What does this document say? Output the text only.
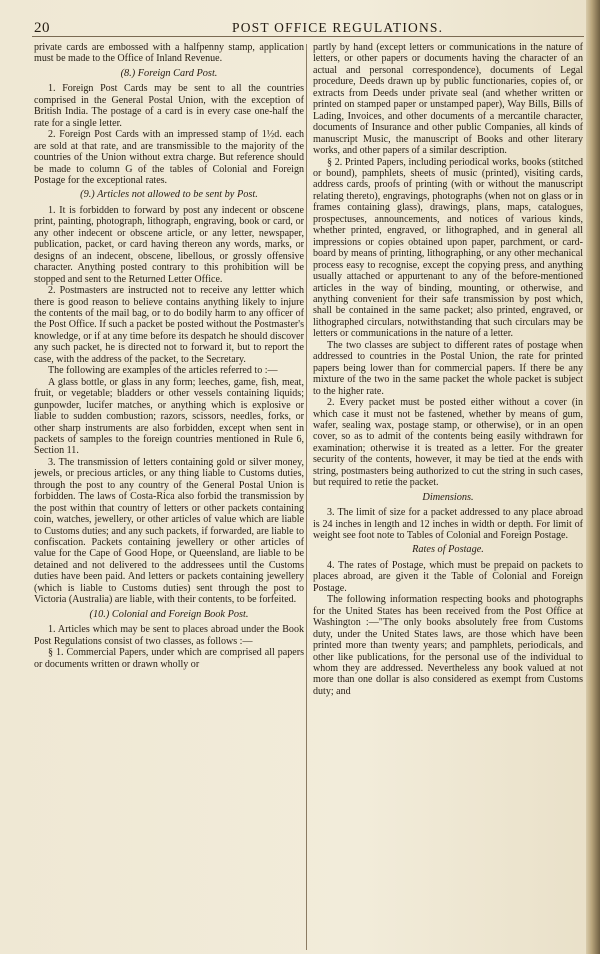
20	POST OFFICE REGULATIONS.

private cards are embossed with a halfpenny stamp, application must be made to the Office of Inland Revenue.

(8.) Foreign Card Post.

1. Foreign Post Cards may be sent to all the countries comprised in the General Postal Union, with the exception of British India. The postage of a card is in every case one-half the rate for a single letter.

2. Foreign Post Cards with an impressed stamp of 1½d. each are sold at that rate, and are transmissible to the majority of the countries of the Union without extra charge. But reference should be made to column G of the tables of Colonial and Foreign Postage for the exceptional rates.

(9.) Articles not allowed to be sent by Post.

1. It is forbidden to forward by post any indecent or obscene print, painting, photograph, lithograph, engraving, book or card, or any other indecent or obscene article, or any letter, newspaper, publication, packet, or card having thereon any words, marks, or designs of an indecent, obscene, libellous, or grossly offensive character. Anything posted contrary to this prohibition will be stopped and sent to the Returned Letter Office.

2. Postmasters are instructed not to receive any lettter which there is good reason to believe contains anything likely to injure the contents of the mail bag, or to do bodily harm to any officer of the Post Office. If such a packet be posted without the Postmaster's knowledge, or if at any time before its despatch he should discover any such packet, he is directed not to forward it, but to report the case, with the address of the packet, to the Secretary.

The following are examples of the articles referred to :—

A glass bottle, or glass in any form; leeches, game, fish, meat, fruit, or vegetable; bladders or other vessels containing liquids; gunpowder, lucifer matches, or anything which is explosive or liable to sudden combustion; razors, scissors, needles, forks, or other sharp instruments are also forbidden, except when sent in packets of samples to the foreign countries mentioned in Rule 6, Section 11.

3. The transmission of letters containing gold or silver money, jewels, or precious articles, or any thing liable to Customs duties, through the post to any country of the General Postal Union is forbidden. The laws of Costa-Rica also forbid the transmission by the post within that country of letters or other packets containing coin, watches, jewellery, or other articles of value which are liable to Customs duties; and any such packets, if forwarded, are liable to confiscation. Packets containing jewellery or other articles of value for the Cape of Good Hope, or Queensland, are liable to be detained and not delivered to the addressees until the Customs duties have been paid. And letters or packets containing jewellery (which is liable to Customs duties) sent through the post to Victoria (Australia) are liable, with their contents, to be forfeited.

(10.) Colonial and Foreign Book Post.

1. Articles which may be sent to places abroad under the Book Post Regulations consist of two classes, as follows :—

§ 1. Commercial Papers, under which are comprised all papers or documents written or drawn wholly or

partly by hand (except letters or communications in the nature of letters, or other papers or documents having the character of an actual and personal correspondence), documents of Legal procedure, Deeds drawn up by public functionaries, copies of, or extracts from Deeds under private seal (and whether written or printed on stamped paper or unstamped paper), Way Bills, Bills of Lading, Invoices, and other documents of a mercantile character, documents of Insurance and other public Companies, all kinds of manuscript Music, the manuscript of Books and other literary works, and other papers of a similar description.

§ 2. Printed Papers, including periodical works, books (stitched or bound), pamphlets, sheets of music (printed), visiting cards, address cards, proofs of printing (with or without the manuscript relating thereto), engravings, photographs (when not on glass or in frames containing glass), drawings, plans, maps, catalogues, prospectuses, announcements, and notices of various kinds, whether printed, engraved, or lithographed, and in general all impressions or copies obtained upon paper, parchment, or card-board by means of printing, lithographing, or any other mechanical process easy to recognise, except the copying press, and anything usually attached or appurtenant to any of the before-mentioned articles in the way of binding, mounting, or otherwise, and anything convenient for their safe transmission by post which, shall be contained in the same packet; also printed, engraved, or lithographed circulars, notwithstanding that such circulars may be letters or communications in the nature of a letter.

The two classes are subject to different rates of postage when addressed to countries in the Postal Union, the rate for printed papers being lower than for commercial papers. If there be any mixture of the two in the same packet the whole packet is subject to the higher rate.

2. Every packet must be posted either without a cover (in which case it must not be fastened, whether by means of gum, wafer, sealing wax, postage stamp, or otherwise), or in an open cover, so as to admit of the contents being easily withdrawn for examination; otherwise it is treated as a letter. For the greater security of the contents, however, it may be tied at the ends with string, postmasters being authorized to cut the string in such cases, but required to retie the packet.

Dimensions.

3. The limit of size for a packet addressed to any place abroad is 24 inches in length and 12 inches in width or depth. For limit of weight see foot note to Tables of Colonial and Foreign Postage.

Rates of Postage.

4. The rates of Postage, which must be prepaid on packets to places abroad, are given it the Table of Colonial and Foreign Postage.

The following information respecting books and photographs for the United States has been received from the Post Office at Washington :—"The only books absolutely free from Customs duty, under the United States laws, are those which have been printed more than twenty years; and pamphlets, periodicals, and other like publications, for the personal use of the individual to whom they are addressed. Nevertheless any book valued at not more than one dollar is also considered as exempt from Customs duty; and
